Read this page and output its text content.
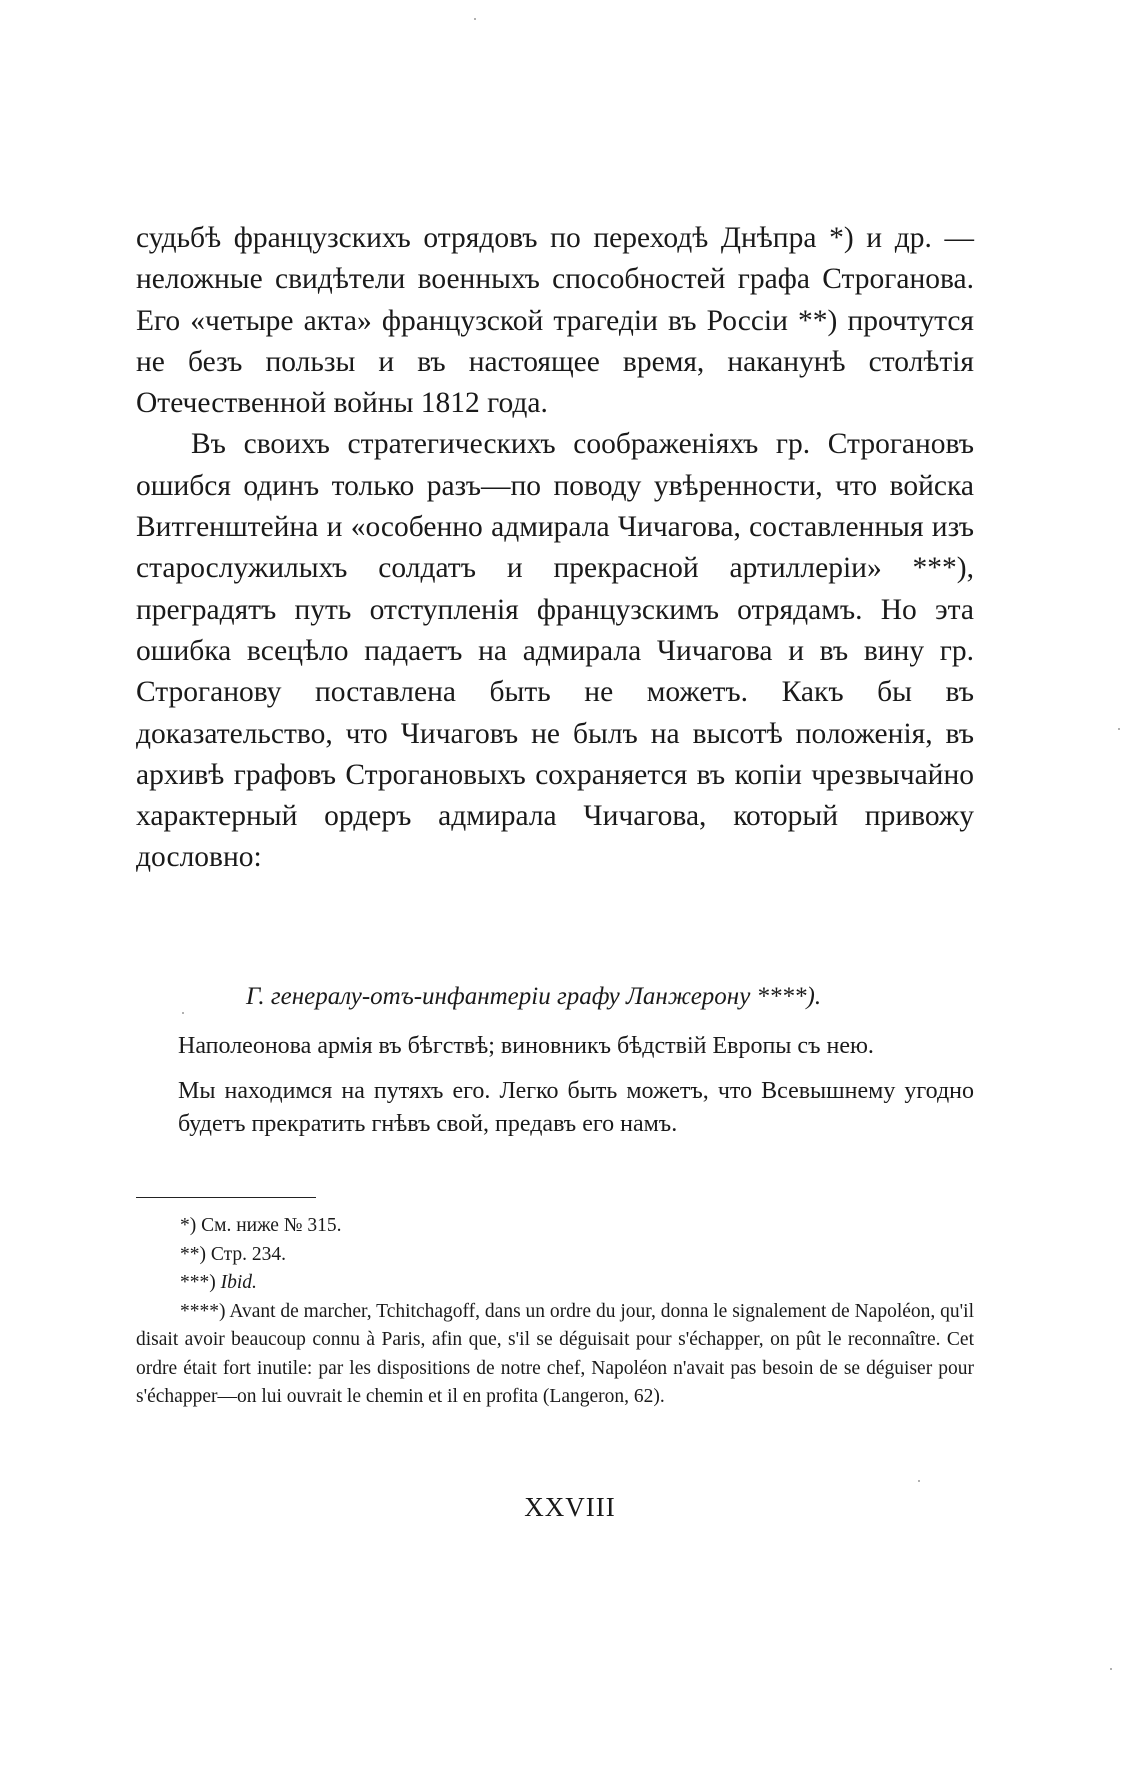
судьбѣ французскихъ отрядовъ по переходѣ Днѣпра *) и др. — неложные свидѣтели военныхъ способностей графа Строганова. Его «четыре акта» французской трагедіи въ Россіи **) прочтутся не безъ пользы и въ настоящее время, наканунѣ столѣтія Отечественной войны 1812 года.

Въ своихъ стратегическихъ соображеніяхъ гр. Строгановъ ошибся одинъ только разъ—по поводу увѣренности, что войска Витгенштейна и «особенно адмирала Чичагова, составленныя изъ старослужилыхъ солдатъ и прекрасной артиллеріи» ***), преградятъ путь отступленія французскимъ отрядамъ. Но эта ошибка всецѣло падаетъ на адмирала Чичагова и въ вину гр. Строганову поставлена быть не можетъ. Какъ бы въ доказательство, что Чичаговъ не былъ на высотѣ положенія, въ архивѣ графовъ Строгановыхъ сохраняется въ копіи чрезвычайно характерный ордеръ адмирала Чичагова, который привожу дословно:

Г. генералу-отъ-инфантеріи графу Ланжерону ****).

Наполеонова армія въ бѣгствѣ; виновникъ бѣдствій Европы съ нею.

Мы находимся на путяхъ его. Легко быть можетъ, что Всевышнему угодно будетъ прекратить гнѣвъ свой, предавъ его намъ.

*) См. ниже № 315.

**) Стр. 234.

***) Ibid.

****) Avant de marcher, Tchitchagoff, dans un ordre du jour, donna le signalement de Napoléon, qu'il disait avoir beaucoup connu à Paris, afin que, s'il se déguisait pour s'échapper, on pût le reconnaître. Cet ordre était fort inutile: par les dispositions de notre chef, Napoléon n'avait pas besoin de se déguiser pour s'échapper—on lui ouvrait le chemin et il en profita (Langeron, 62).

XXVIII
